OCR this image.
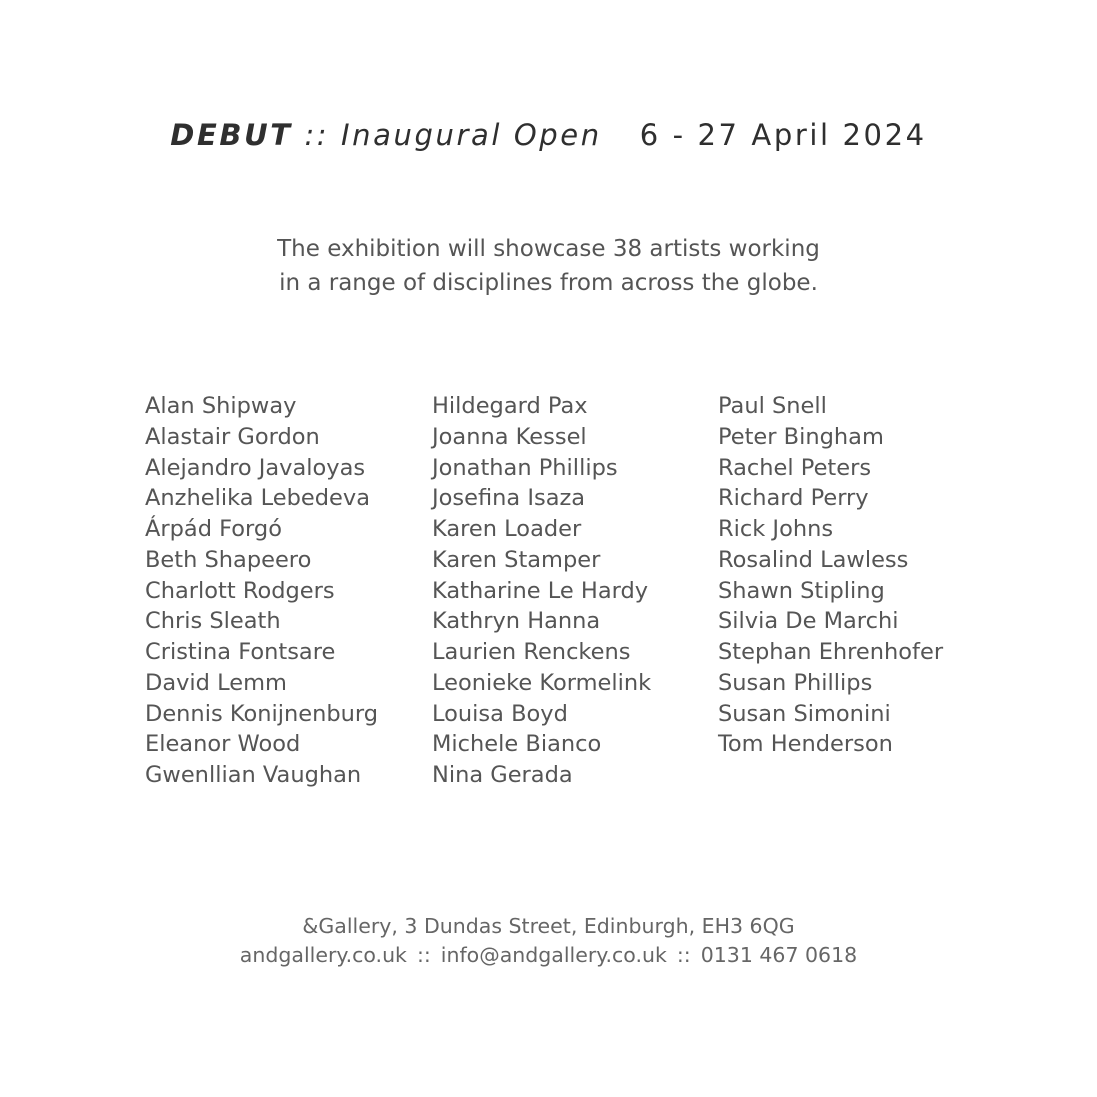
DEBUT :: Inaugural Open 6 - 27 April 2024
The exhibition will showcase 38 artists working
in a range of disciplines from across the globe.
Alan Shipway
Alastair Gordon
Alejandro Javaloyas
Anzhelika Lebedeva
Árpád Forgó
Beth Shapeero
Charlott Rodgers
Chris Sleath
Cristina Fontsare
David Lemm
Dennis Konijnenburg
Eleanor Wood
Gwenllian Vaughan
Hildegard Pax
Joanna Kessel
Jonathan Phillips
Josefina Isaza
Karen Loader
Karen Stamper
Katharine Le Hardy
Kathryn Hanna
Laurien Renckens
Leonieke Kormelink
Louisa Boyd
Michele Bianco
Nina Gerada
Paul Snell
Peter Bingham
Rachel Peters
Richard Perry
Rick Johns
Rosalind Lawless
Shawn Stipling
Silvia De Marchi
Stephan Ehrenhofer
Susan Phillips
Susan Simonini
Tom Henderson
&Gallery, 3 Dundas Street, Edinburgh, EH3 6QG
andgallery.co.uk :: info@andgallery.co.uk :: 0131 467 0618
